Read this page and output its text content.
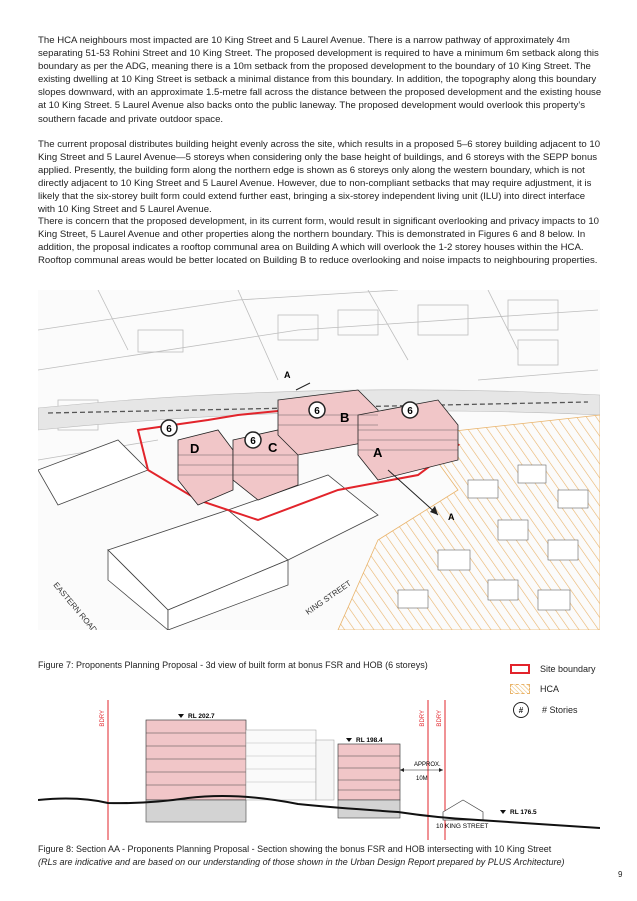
The HCA neighbours most impacted are 10 King Street and 5 Laurel Avenue. There is a narrow pathway of approximately 4m separating 51-53 Rohini Street and 10 King Street. The proposed development is required to have a minimum 6m setback along this boundary as per the ADG, meaning there is a 10m setback from the proposed development to the boundary of 10 King Street. The existing dwelling at 10 King Street is setback a minimal distance from this boundary. In addition, the topography along this boundary slopes downward, with an approximate 1.5-metre fall across the distance between the proposed development and the existing house at 10 King Street. 5 Laurel Avenue also backs onto the public laneway. The proposed development would overlook this property’s southern facade and private outdoor space.

The current proposal distributes building height evenly across the site, which results in a proposed 5–6 storey building adjacent to 10 King Street and 5 Laurel Avenue—5 storeys when considering only the base height of buildings, and 6 storeys with the SEPP bonus applied. Presently, the building form along the northern edge is shown as 6 storeys only along the western boundary, which is not directly adjacent to 10 King Street and 5 Laurel Avenue. However, due to non-compliant setbacks that may require adjustment, it is likely that the six-storey built form could extend further east, bringing a six-storey independent living unit (ILU) into direct interface with 10 King Street and 5 Laurel Avenue.

There is concern that the proposed development, in its current form, would result in significant overlooking and privacy impacts to 10 King Street, 5 Laurel Avenue and other properties along the northern boundary. This is demonstrated in Figures 6 and 8 below. In addition, the proposal indicates a rooftop communal area on Building A which will overlook the 1-2 storey houses within the HCA. Rooftop communal areas would be better located on Building B to reduce overlooking and noise impacts to neighbouring properties.

D	C
B
A
6
6
6	6
A
A
EASTERN ROAD	KING STREET

Figure 7: Proponents Planning Proposal - 3d view of built form at bonus FSR and HOB (6 storeys)	Site boundary
HCA
#	# Stories
BDRY	BDRY BDRY
RL 202.7
RL 198.4
RL 176.5
APPROX.
10M
10 KING STREET

Figure 8: Section AA - Proponents Planning Proposal - Section showing the bonus FSR and HOB intersecting with 10 King Street

(RLs are indicative and are based on our understanding of those shown in the Urban Design Report prepared by PLUS Architecture)

9
